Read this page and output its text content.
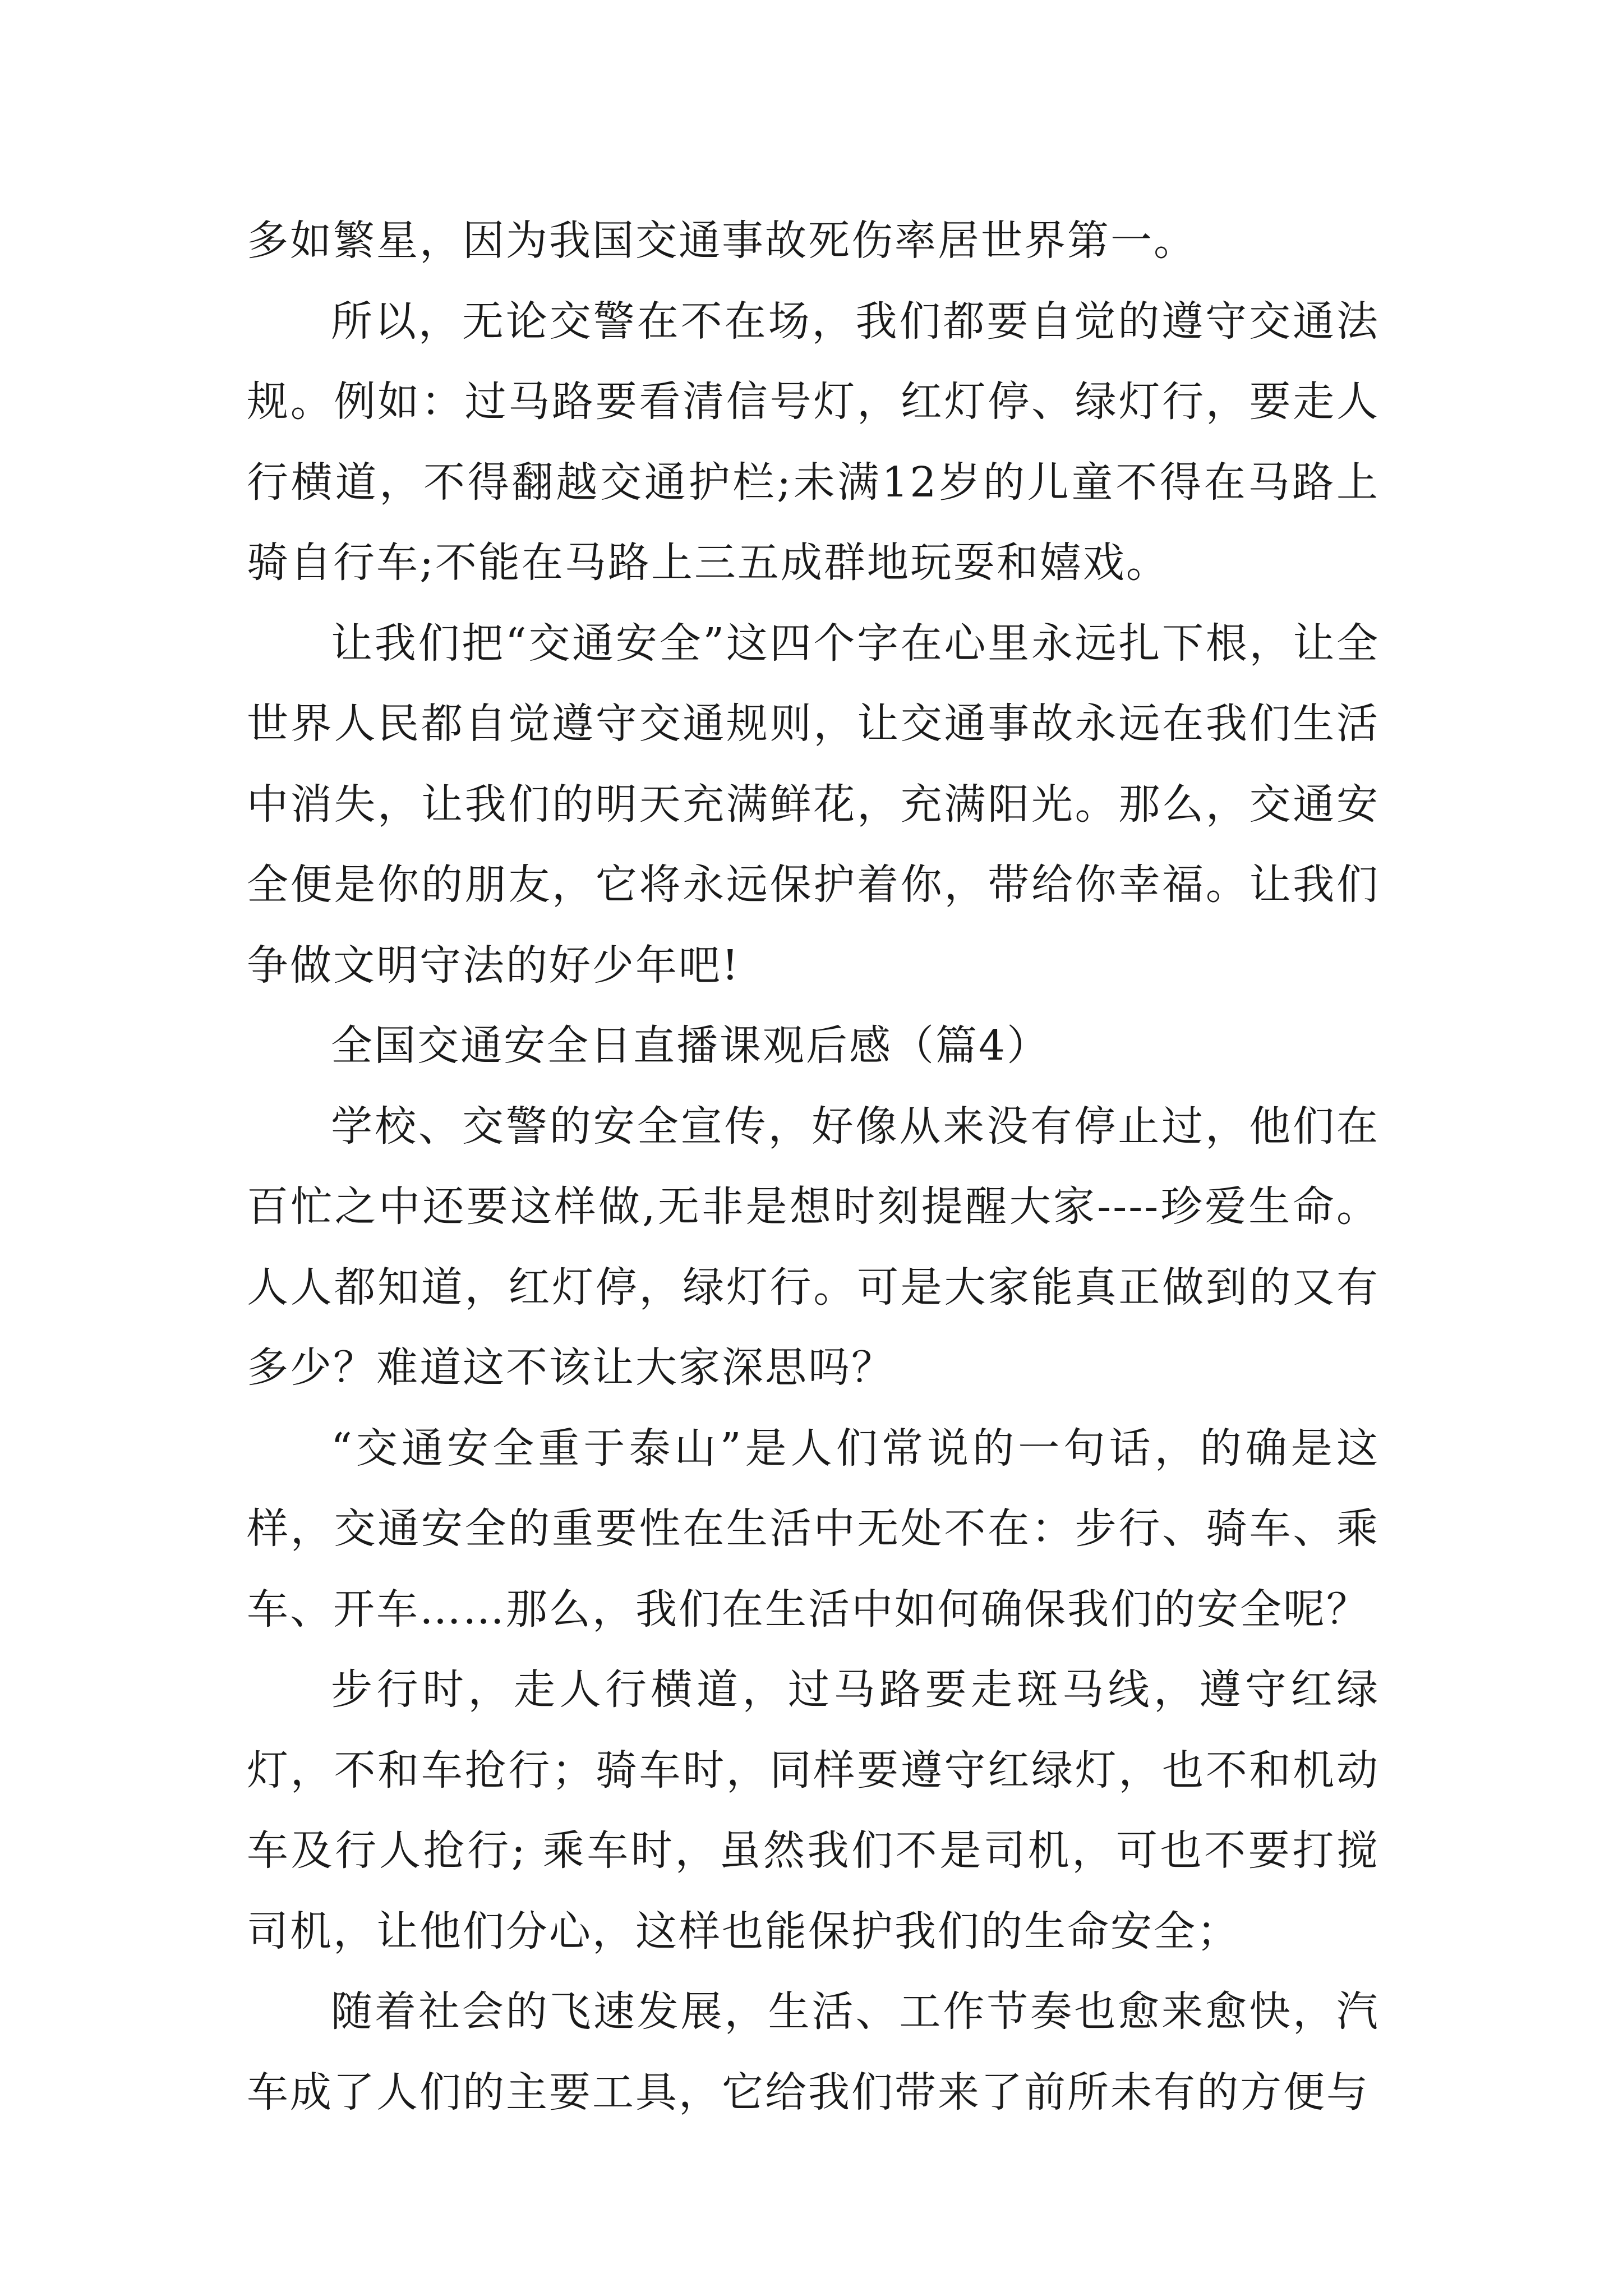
多如繁星，因为我国交通事故死伤率居世界第一。

所以，无论交警在不在场，我们都要自觉的遵守交通法规。例如：过马路要看清信号灯，红灯停、绿灯行，要走人行横道，不得翻越交通护栏;未满12岁的儿童不得在马路上骑自行车;不能在马路上三五成群地玩耍和嬉戏。

让我们把“交通安全”这四个字在心里永远扎下根，让全世界人民都自觉遵守交通规则，让交通事故永远在我们生活中消失，让我们的明天充满鲜花，充满阳光。那么，交通安全便是你的朋友，它将永远保护着你，带给你幸福。让我们争做文明守法的好少年吧!

全国交通安全日直播课观后感（篇4）

学校、交警的安全宣传，好像从来没有停止过，他们在百忙之中还要这样做,无非是想时刻提醒大家----珍爱生命。人人都知道，红灯停，绿灯行。可是大家能真正做到的又有多少？难道这不该让大家深思吗？

“交通安全重于泰山”是人们常说的一句话，的确是这样，交通安全的重要性在生活中无处不在：步行、骑车、乘车、开车……那么，我们在生活中如何确保我们的安全呢？

步行时，走人行横道，过马路要走斑马线，遵守红绿灯，不和车抢行；骑车时，同样要遵守红绿灯，也不和机动车及行人抢行; 乘车时，虽然我们不是司机，可也不要打搅司机，让他们分心，这样也能保护我们的生命安全；

随着社会的飞速发展，生活、工作节奏也愈来愈快，汽车成了人们的主要工具，它给我们带来了前所未有的方便与
